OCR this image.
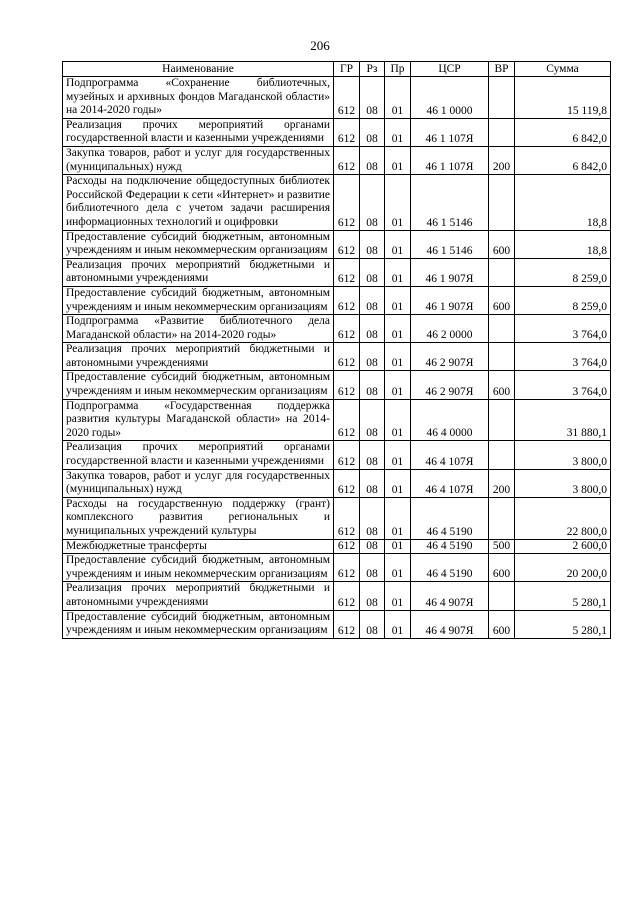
206
Наименование	ГР	Рз	Пр	ЦСР	ВР	Сумма
Подпрограмма «Сохранение библиотечных, музейных и архивных фондов Магаданской области» на 2014-2020 годы»	612	08	01	46 1 0000		15 119,8
Реализация прочих мероприятий органами государственной власти и казенными учреждениями	612	08	01	46 1 107Я		6 842,0
Закупка товаров, работ и услуг для государственных (муниципальных) нужд	612	08	01	46 1 107Я	200	6 842,0
Расходы на подключение общедоступных библиотек Российской Федерации к сети «Интернет» и развитие библиотечного дела с учетом задачи расширения информационных технологий и оцифровки	612	08	01	46 1 5146		18,8
Предоставление субсидий бюджетным, автономным учреждениям и иным некоммерческим организациям	612	08	01	46 1 5146	600	18,8
Реализация прочих мероприятий бюджетными и автономными учреждениями	612	08	01	46 1 907Я		8 259,0
Предоставление субсидий бюджетным, автономным учреждениям и иным некоммерческим организациям	612	08	01	46 1 907Я	600	8 259,0
Подпрограмма «Развитие библиотечного дела Магаданской области» на 2014-2020 годы»	612	08	01	46 2 0000		3 764,0
Реализация прочих мероприятий бюджетными и автономными учреждениями	612	08	01	46 2 907Я		3 764,0
Предоставление субсидий бюджетным, автономным учреждениям и иным некоммерческим организациям	612	08	01	46 2 907Я	600	3 764,0
Подпрограмма «Государственная поддержка развития культуры Магаданской области» на 2014-2020 годы»	612	08	01	46 4 0000		31 880,1
Реализация прочих мероприятий органами государственной власти и казенными учреждениями	612	08	01	46 4 107Я		3 800,0
Закупка товаров, работ и услуг для государственных (муниципальных) нужд	612	08	01	46 4 107Я	200	3 800,0
Расходы на государственную поддержку (грант) комплексного развития региональных и муниципальных учреждений культуры	612	08	01	46 4 5190		22 800,0
Межбюджетные трансферты	612	08	01	46 4 5190	500	2 600,0
Предоставление субсидий бюджетным, автономным учреждениям и иным некоммерческим организациям	612	08	01	46 4 5190	600	20 200,0
Реализация прочих мероприятий бюджетными и автономными учреждениями	612	08	01	46 4 907Я		5 280,1
Предоставление субсидий бюджетным, автономным учреждениям и иным некоммерческим организациям	612	08	01	46 4 907Я	600	5 280,1
